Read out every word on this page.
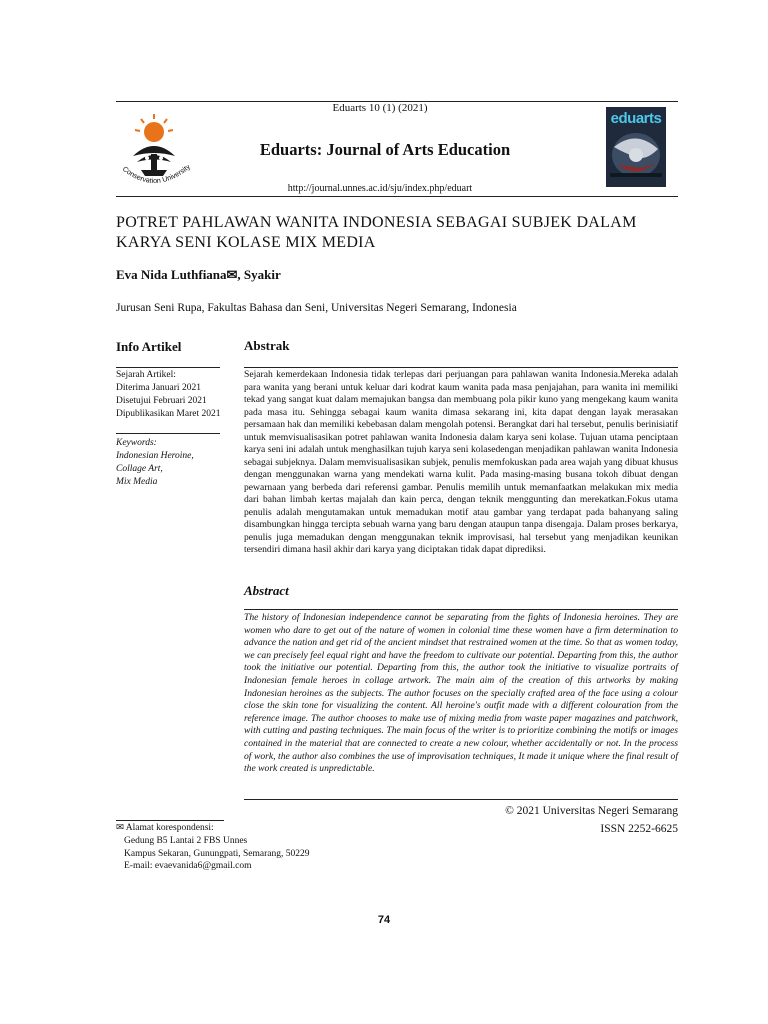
Conservation University
Eduarts 10 (1) (2021)
Eduarts: Journal of Arts Education
http://journal.unnes.ac.id/sju/index.php/eduart
eduarts
POTRET PAHLAWAN WANITA INDONESIA SEBAGAI SUBJEK DALAM KARYA SENI KOLASE MIX MEDIA
Eva Nida Luthfiana✉, Syakir
Jurusan Seni Rupa, Fakultas Bahasa dan Seni, Universitas Negeri Semarang, Indonesia
Info Artikel
Sejarah Artikel:
Diterima Januari 2021
Disetujui Februari 2021
Dipublikasikan Maret 2021
Keywords:
Indonesian Heroine,
Collage Art,
Mix Media
Abstrak
Sejarah kemerdekaan Indonesia tidak terlepas dari perjuangan para pahlawan wanita Indonesia.Mereka adalah para wanita yang berani untuk keluar dari kodrat kaum wanita pada masa penjajahan, para wanita ini memiliki tekad yang sangat kuat dalam memajukan bangsa dan membuang pola pikir kuno yang mengekang kaum wanita pada masa itu. Sehingga sebagai kaum wanita dimasa sekarang ini, kita dapat dengan layak merasakan persamaan hak dan memiliki kebebasan dalam mengolah potensi. Berangkat dari hal tersebut, penulis berinisiatif untuk memvisualisasikan potret pahlawan wanita Indonesia dalam karya seni kolase. Tujuan utama penciptaan karya seni ini adalah untuk menghasilkan tujuh karya seni kolasedengan menjadikan pahlawan wanita Indonesia sebagai subjeknya. Dalam memvisualisasikan subjek, penulis memfokuskan pada area wajah yang dibuat khusus dengan menggunakan warna yang mendekati warna kulit. Pada masing-masing busana tokoh dibuat dengan pewarnaan yang berbeda dari referensi gambar. Penulis memilih untuk memanfaatkan melakukan mix media dari bahan limbah kertas majalah dan kain perca, dengan teknik menggunting dan merekatkan.Fokus utama penulis adalah mengutamakan untuk memadukan motif atau gambar yang terdapat pada bahanyang saling disambungkan hingga tercipta sebuah warna yang baru dengan ataupun tanpa disengaja. Dalam proses berkarya, penulis juga memadukan dengan menggunakan teknik improvisasi, hal tersebut yang menjadikan keunikan tersendiri dimana hasil akhir dari karya yang diciptakan tidak dapat diprediksi.
Abstract
The history of Indonesian independence cannot be separating from the fights of Indonesia heroines. They are women who dare to get out of the nature of women in colonial time these women have a firm determination to advance the nation and get rid of the ancient mindset that restrained women at the time. So that as women today, we can precisely feel equal right and have the freedom to cultivate our potential. Departing from this, the author took the initiative our potential. Departing from this, the author took the initiative to visualize portraits of Indonesian female heroes in collage artwork. The main aim of the creation of this artworks by making Indonesian heroines as the subjects. The author focuses on the specially crafted area of the face using a colour close the skin tone for visualizing the content. All heroine's outfit made with a different colouration from the reference image. The author chooses to make use of mixing media from waste paper magazines and patchwork, with cutting and pasting techniques. The main focus of the writer is to prioritize combining the motifs or images contained in the material that are connected to create a new colour, whether accidentally or not. In the process of work, the author also combines the use of improvisation techniques, It made it unique where the final result of the work created is unpredictable.
© 2021 Universitas Negeri Semarang
ISSN 2252-6625
✉ Alamat korespondensi:
Gedung B5 Lantai 2 FBS Unnes
Kampus Sekaran, Gunungpati, Semarang, 50229
E-mail: evaevanida6@gmail.com
74
